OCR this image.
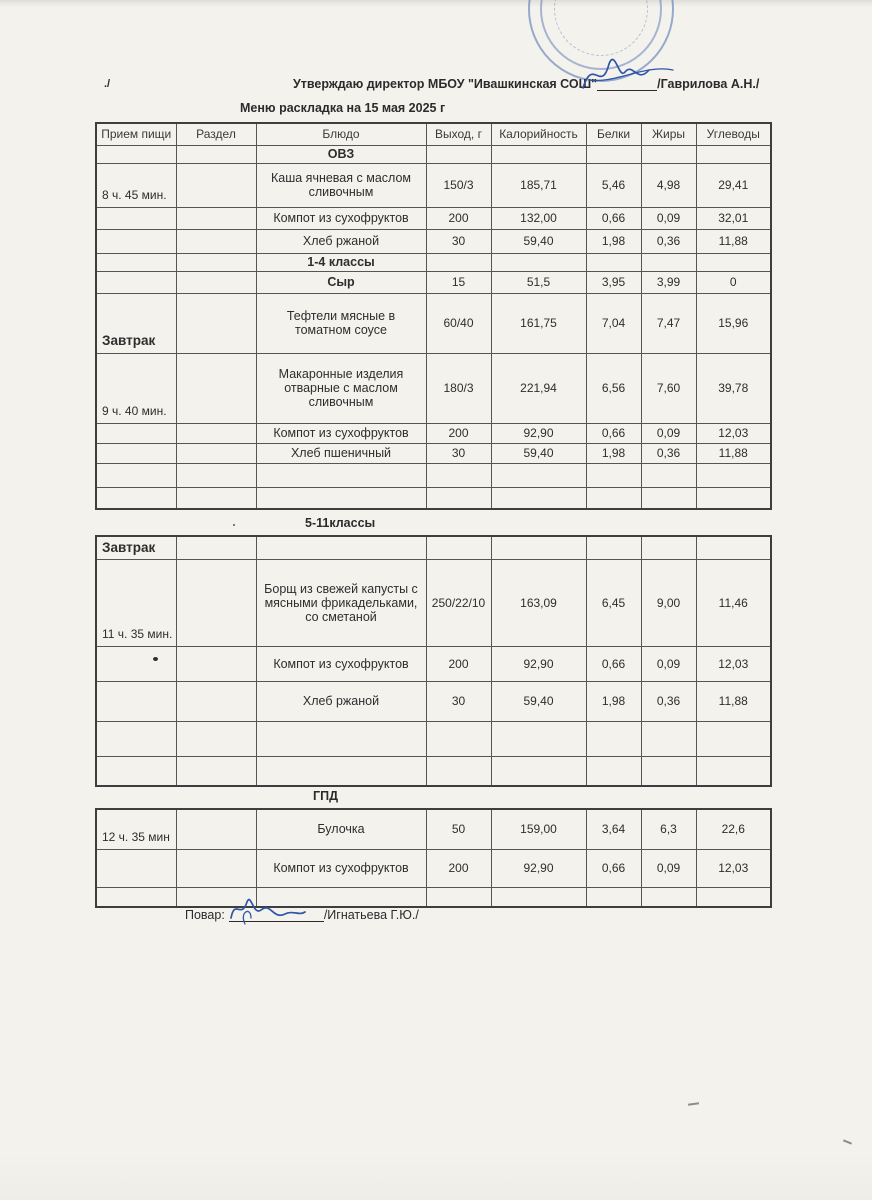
./	Утверждаю директор МБОУ "Ивашкинская СОШ"	/Гаврилова А.Н./
Меню раскладка на 15 мая 2025 г
Прием пищи	Раздел	Блюдо	Выход, г	Калорийность	Белки	Жиры	Углеводы
		ОВЗ					
8 ч. 45 мин.		Каша ячневая с маслом сливочным	150/3	185,71	5,46	4,98	29,41
		Компот из сухофруктов	200	132,00	0,66	0,09	32,01
		Хлеб ржаной	30	59,40	1,98	0,36	11,88
		1-4 классы					
		Сыр	15	51,5	3,95	3,99	0
Завтрак		Тефтели мясные в томатном соусе	60/40	161,75	7,04	7,47	15,96
9 ч. 40 мин.		Макаронные изделия отварные с маслом сливочным	180/3	221,94	6,56	7,60	39,78
		Компот из сухофруктов	200	92,90	0,66	0,09	12,03
		Хлеб пшеничный	30	59,40	1,98	0,36	11,88

5-11классы
Завтрак							
11 ч. 35 мин.		Борщ из свежей капусты с мясными фрикадельками, со сметаной	250/22/10	163,09	6,45	9,00	11,46
		Компот из сухофруктов	200	92,90	0,66	0,09	12,03
		Хлеб ржаной	30	59,40	1,98	0,36	11,88

ГПД
12 ч. 35 мин		Булочка	50	159,00	3,64	6,3	22,6
		Компот из сухофруктов	200	92,90	0,66	0,09	12,03

Повар:	/Игнатьева Г.Ю./
